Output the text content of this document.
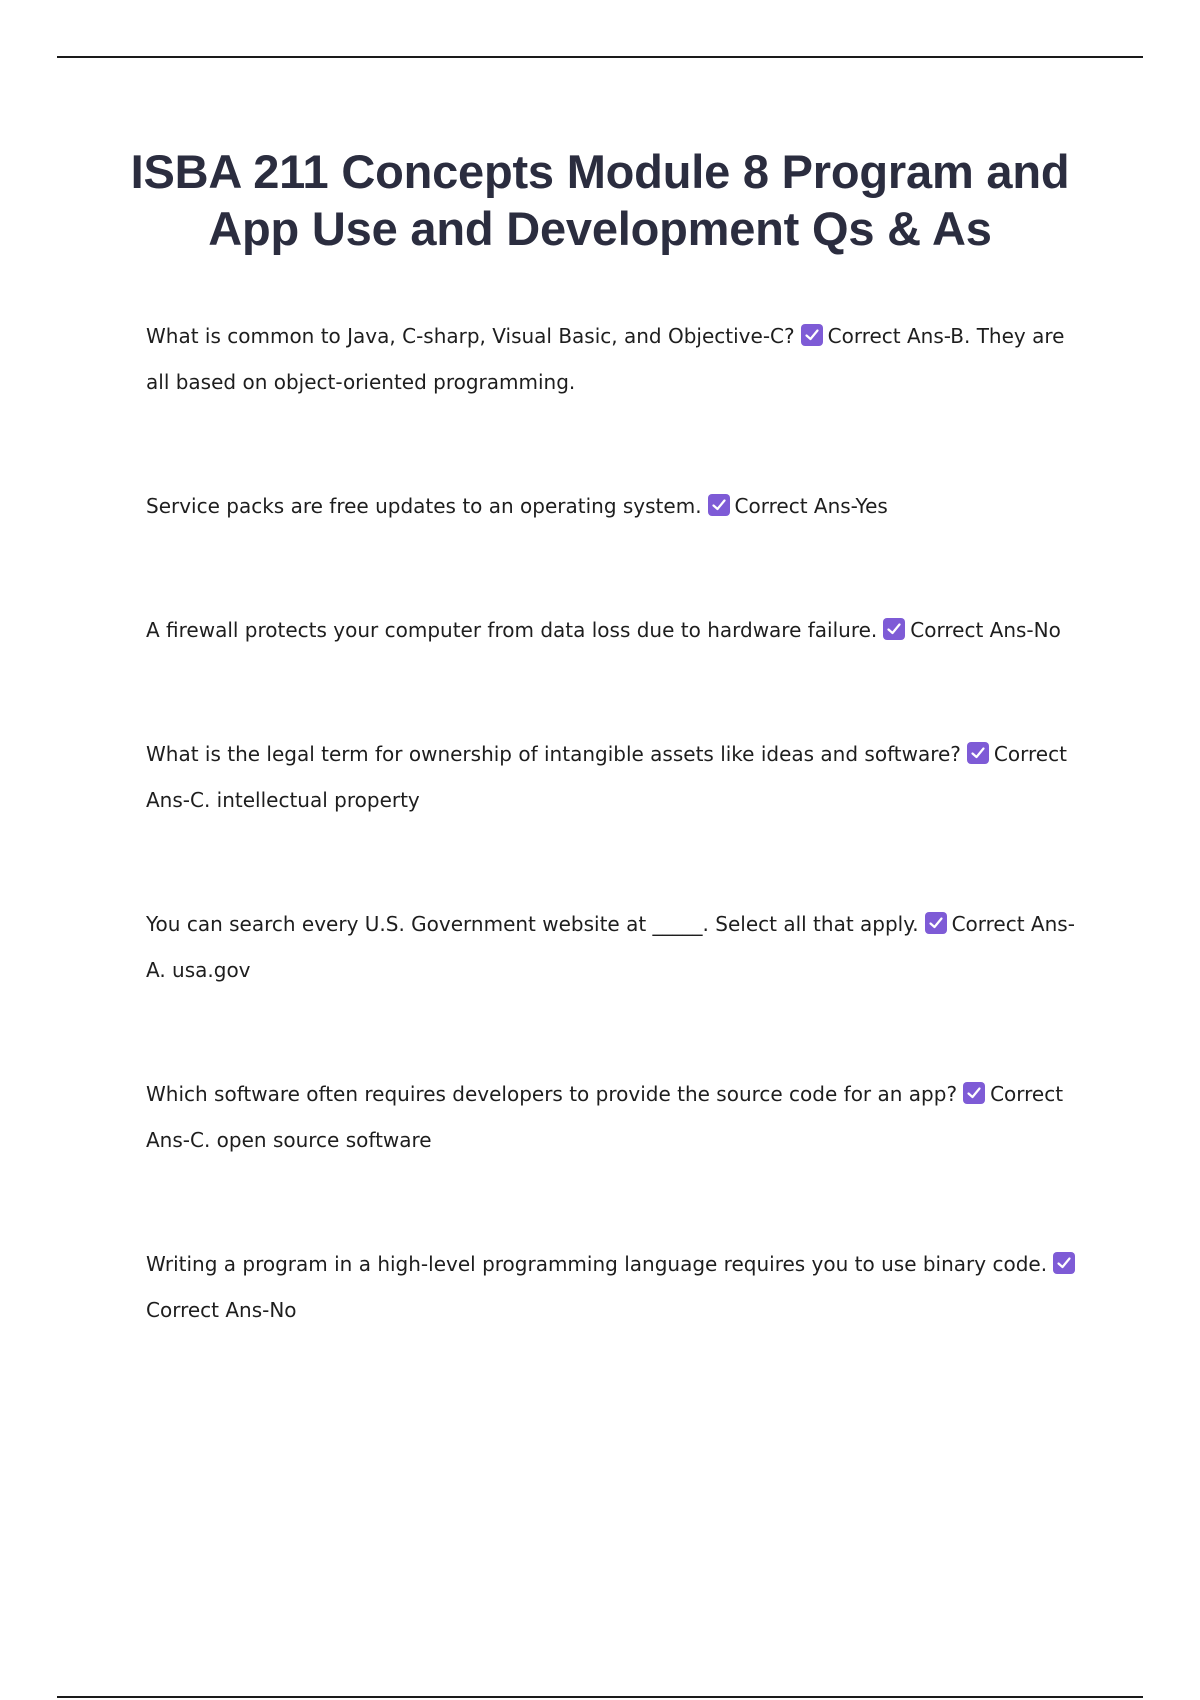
ISBA 211 Concepts Module 8 Program and App Use and Development Qs & As

What is common to Java, C-sharp, Visual Basic, and Objective-C? Correct Ans-B. They are all based on object-oriented programming.

Service packs are free updates to an operating system. Correct Ans-Yes

A firewall protects your computer from data loss due to hardware failure. Correct Ans-No

What is the legal term for ownership of intangible assets like ideas and software? Correct Ans-C. intellectual property

You can search every U.S. Government website at _____. Select all that apply. Correct Ans-A. usa.gov

Which software often requires developers to provide the source code for an app? Correct Ans-C. open source software

Writing a program in a high-level programming language requires you to use binary code.
Correct Ans-No
